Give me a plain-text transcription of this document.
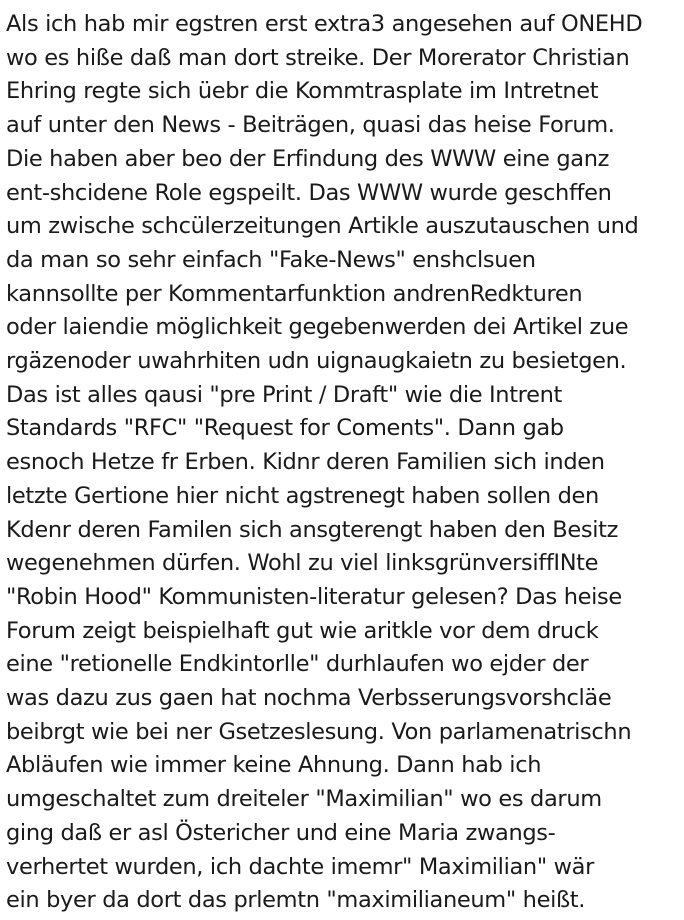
Als ich hab mir egstren erst extra3 angesehen auf ONEHD
wo es hiße daß man dort streike. Der Morerator Christian
Ehring regte sich üebr die Kommtrasplate im Intretnet
auf unter den News - Beiträgen, quasi das heise Forum.
Die haben aber beo der Erfindung des WWW eine ganz
ent-shcidene Role egspeilt. Das WWW wurde geschffen
um zwische schcülerzeitungen Artikle auszutauschen und
da man so sehr einfach "Fake-News" enshclsuen
kannsollte per Kommentarfunktion andrenRedkturen
oder laiendie möglichkeit gegebenwerden dei Artikel zue
rgäzenoder uwahrhiten udn uignaugkaietn zu besietgen.
Das ist alles qausi "pre Print / Draft" wie die Intrent
Standards "RFC" "Request for Coments". Dann gab
esnoch Hetze fr Erben. Kidnr deren Familien sich inden
letzte Gertione hier nicht agstrenegt haben sollen den
Kdenr deren Familen sich ansgterengt haben den Besitz
wegenehmen dürfen. Wohl zu viel linksgrünversiffINte
"Robin Hood" Kommunisten-literatur gelesen? Das heise
Forum zeigt beispielhaft gut wie aritkle vor dem druck
eine "retionelle Endkintorlle" durhlaufen wo ejder der
was dazu zus gaen hat nochma Verbsserungsvorshcläe
beibrgt wie bei ner Gsetzeslesung. Von parlamenatrischn
Abläufen wie immer keine Ahnung. Dann hab ich
umgeschaltet zum dreiteler "Maximilian" wo es darum
ging daß er asl Östericher und eine Maria zwangs-
verhertet wurden, ich dachte imemr" Maximilian" wär
ein byer da dort das prlemtn "maximilianeum" heißt.
